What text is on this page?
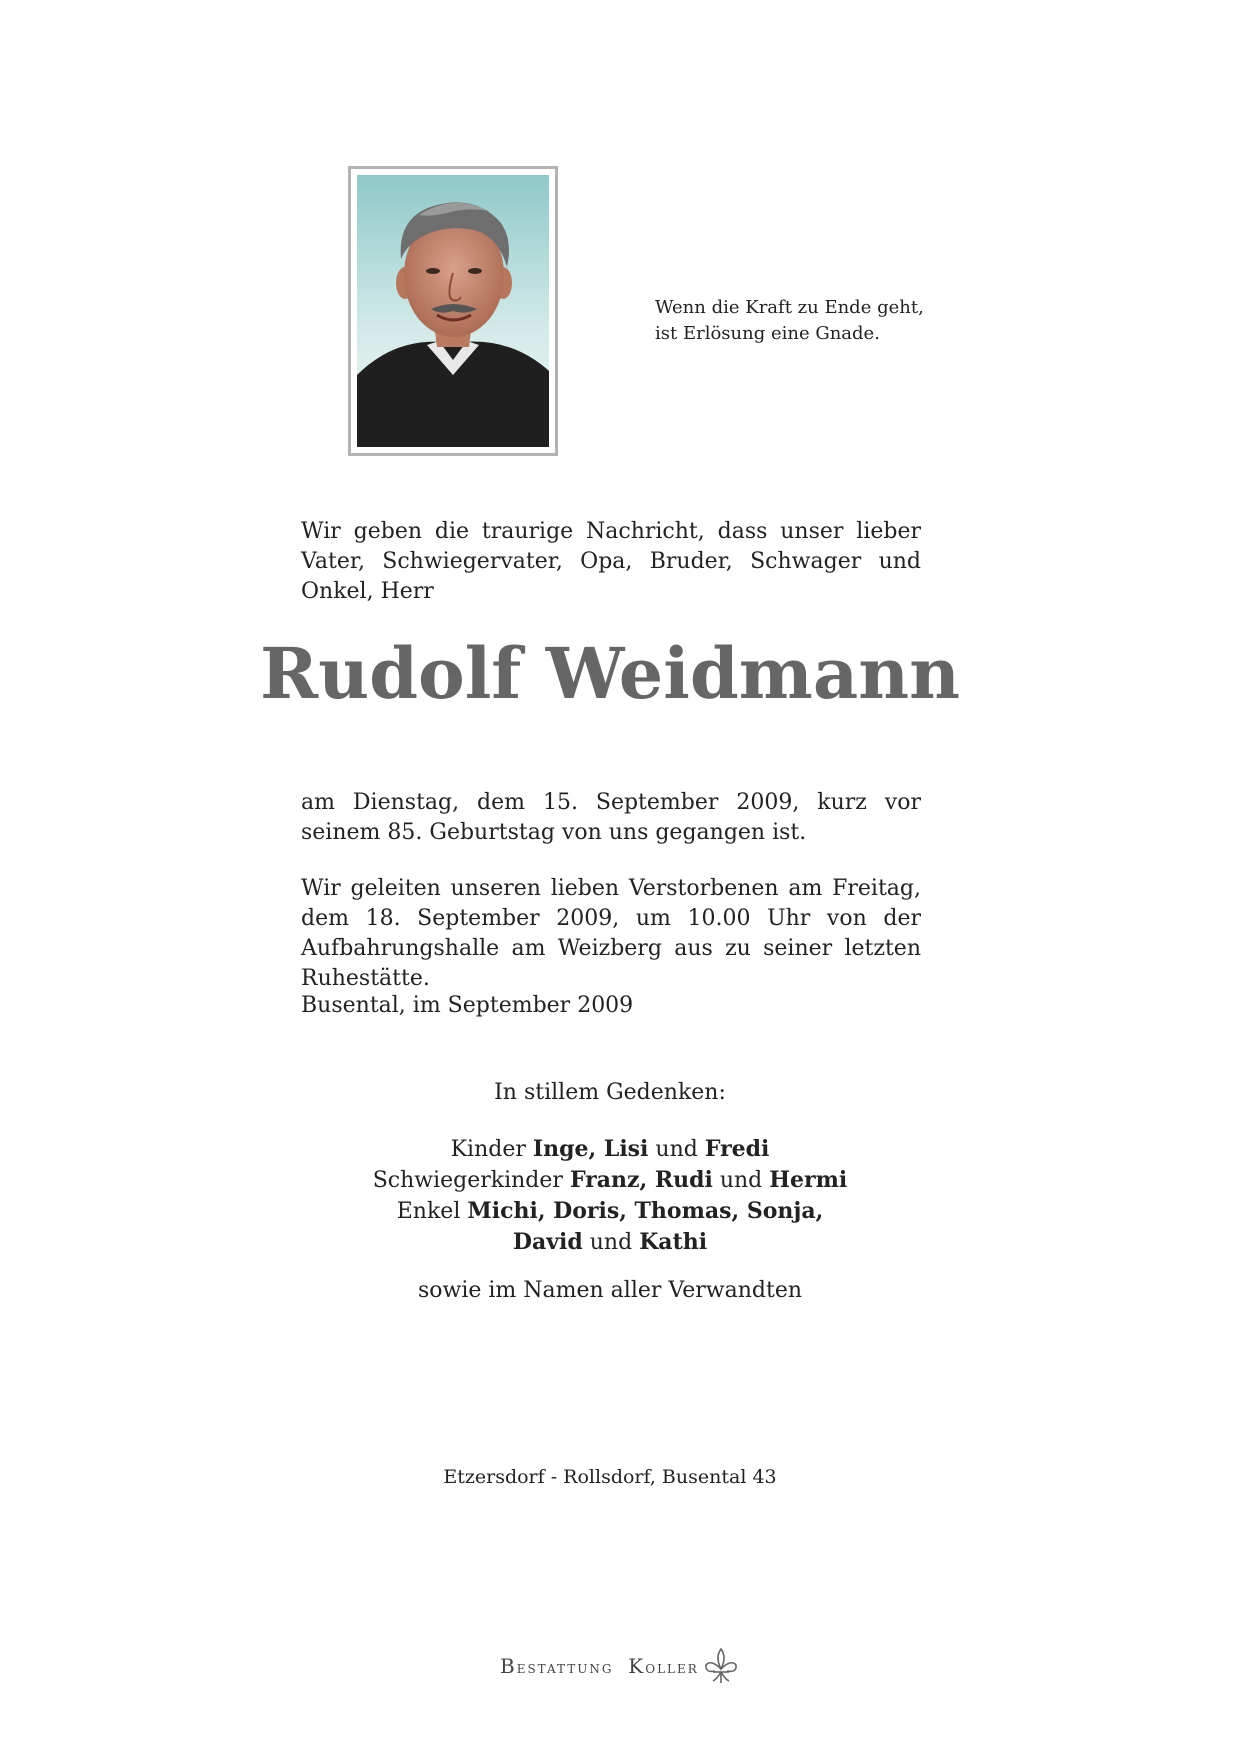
Wenn die Kraft zu Ende geht,
ist Erlösung eine Gnade.
Wir geben die traurige Nachricht, dass unser lieber Vater, Schwiegervater, Opa, Bruder, Schwager und Onkel, Herr
Rudolf Weidmann
am Dienstag, dem 15. September 2009, kurz vor seinem 85. Geburtstag von uns gegangen ist.
Wir geleiten unseren lieben Verstorbenen am Freitag, dem 18. September 2009, um 10.00 Uhr von der Aufbahrungshalle am Weizberg aus zu seiner letzten Ruhestätte.
Busental, im September 2009
In stillem Gedenken:
Kinder Inge, Lisi und Fredi
Schwiegerkinder Franz, Rudi und Hermi
Enkel Michi, Doris, Thomas, Sonja,
David und Kathi
sowie im Namen aller Verwandten
Etzersdorf - Rollsdorf, Busental 43
Bestattung Koller
